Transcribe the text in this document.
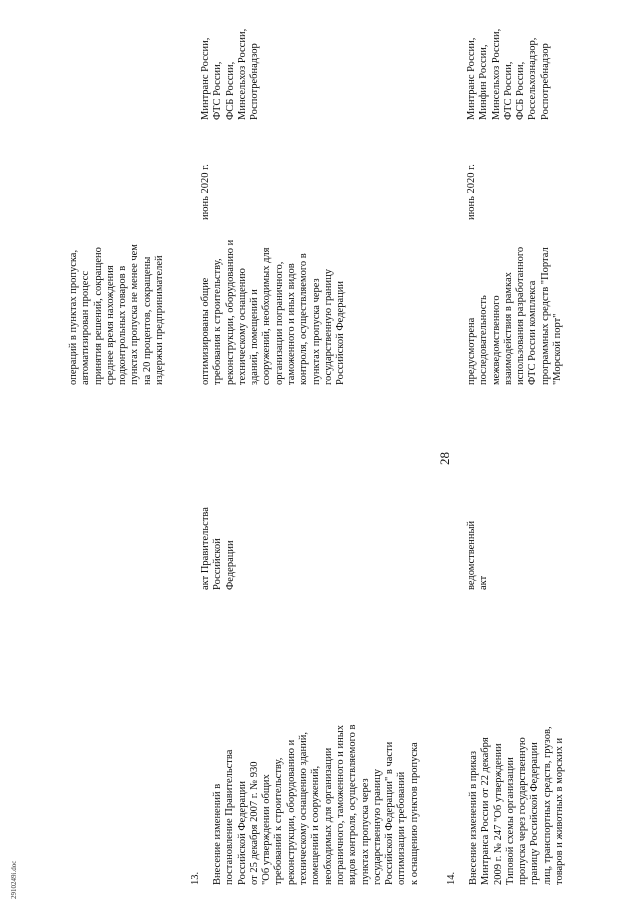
28
2910249i.doc
операций в пунктах пропуска,
автоматизирован процесс
принятия решений, сокращено
среднее время нахождения
подконтрольных товаров в
пунктах пропуска не менее чем
на 20 процентов, сокращены
издержки предпринимателей
13. Внесение изменений в
постановление Правительства
Российской Федерации
от 25 декабря 2007 г. № 930
"Об утверждении общих
требований к строительству,
реконструкции, оборудованию и
техническому оснащению зданий,
помещений и сооружений,
необходимых для организации
пограничного, таможенного и иных
видов контроля, осуществляемого в
пунктах пропуска через
государственную границу
Российской Федерации" в части
оптимизации требований
к оснащению пунктов пропуска
акт Правительства
Российской
Федерации
оптимизированы общие
требования к строительству,
реконструкции, оборудованию и
техническому оснащению
зданий, помещений и
сооружений, необходимых для
организации пограничного,
таможенного и иных видов
контроля, осуществляемого в
пунктах пропуска через
государственную границу
Российской Федерации
июнь 2020 г.
Минтранс России,
ФТС России,
ФСБ России,
Минсельхоз России,
Роспотребнадзор
14. Внесение изменений в приказ
Минтранса России от 22 декабря
2009 г. № 247 "Об утверждении
Типовой схемы организации
пропуска через государственную
границу Российской Федерации
лиц, транспортных средств, грузов,
товаров и животных в морских и
ведомственный
акт
предусмотрена
последовательность
межведомственного
взаимодействия в рамках
использования разработанного
ФТС России комплекса
программных средств "Портал
"Морской порт"
июнь 2020 г.
Минтранс России,
Минфин России,
Минсельхоз России,
ФТС России,
ФСБ России,
Россельхознадзор,
Роспотребнадзор
